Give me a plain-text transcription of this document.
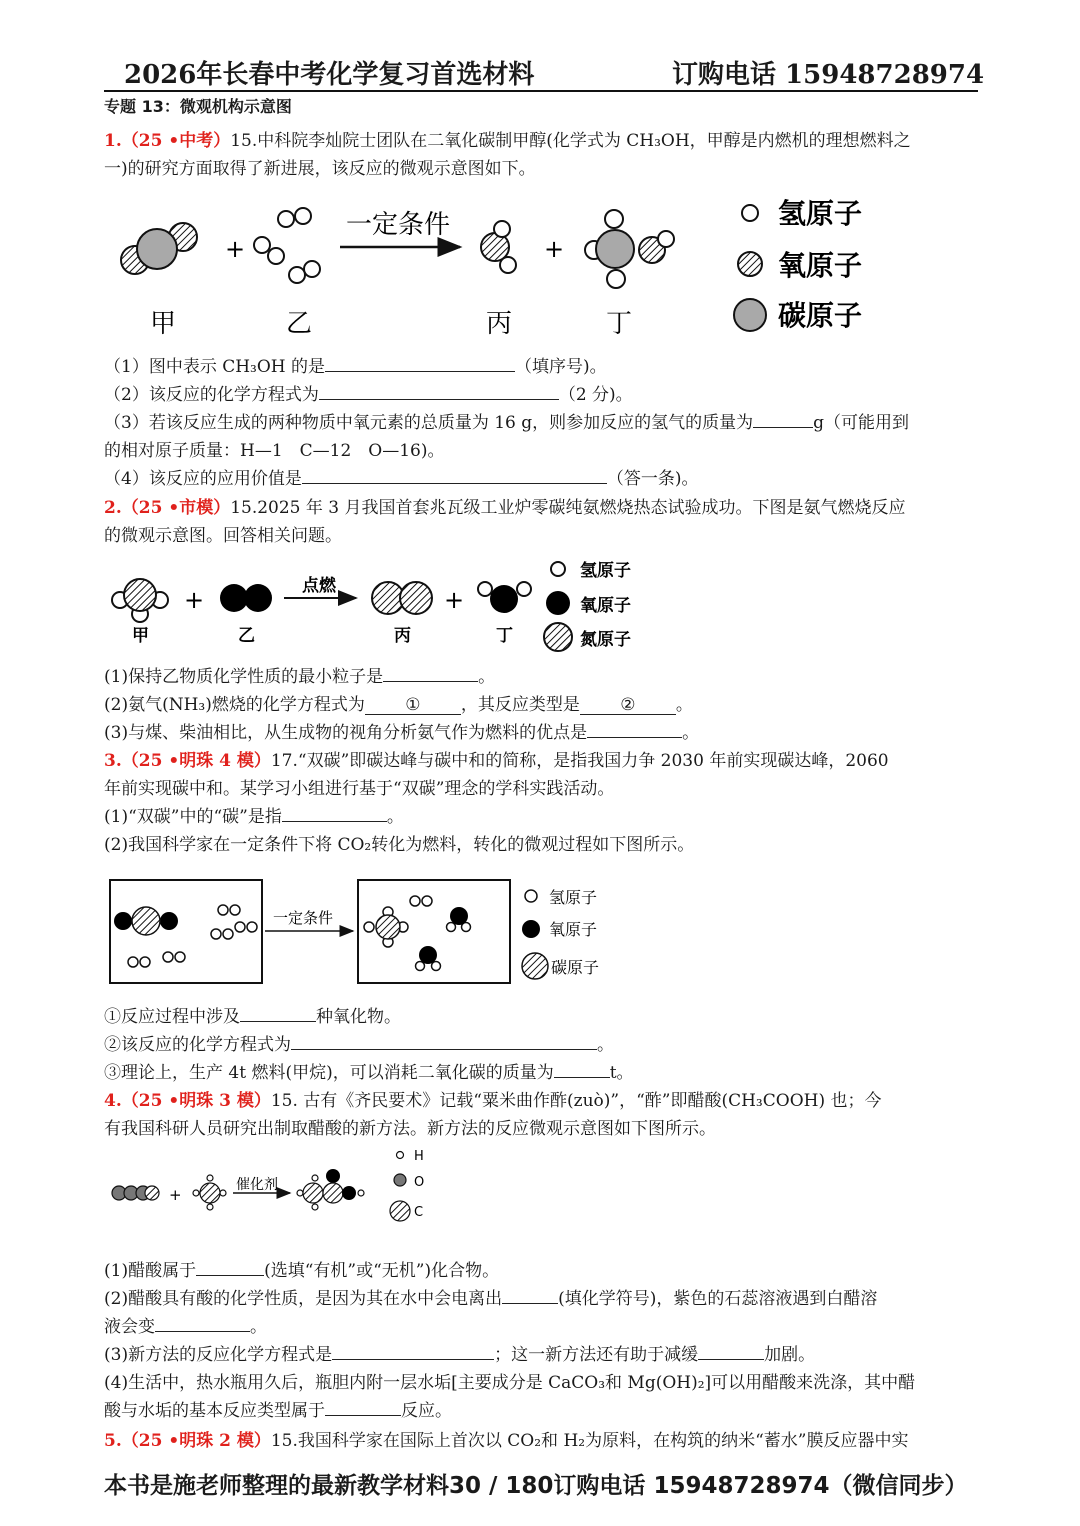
2026年长春中考化学复习首选材料	订购电话 15948728974
专题 13：微观机构示意图
1.（25 •中考）15.中科院李灿院士团队在二氧化碳制甲醇(化学式为 CH₃OH，甲醇是内燃机的理想燃料之
一)的研究方面取得了新进展，该反应的微观示意图如下。
+
一定条件
+
甲	乙	丙	丁
氢原子
氧原子
碳原子
（1）图中表示 CH₃OH 的是	（填序号)。
（2）该反应的化学方程式为	（2 分)。
（3）若该反应生成的两种物质中氧元素的总质量为 16 g，则参加反应的氢气的质量为	g（可能用到
的相对原子质量：H—1　C—12　O—16)。
（4）该反应的应用价值是	（答一条)。
2.（25 •市模）15.2025 年 3 月我国首套兆瓦级工业炉零碳纯氨燃烧热态试验成功。下图是氨气燃烧反应
的微观示意图。回答相关问题。
+	点燃	+
甲	乙	丙	丁
氢原子
氧原子
氮原子
(1)保持乙物质化学性质的最小粒子是	。
(2)氨气(NH₃)燃烧的化学方程式为 ① ，其反应类型是 ② 。
(3)与煤、柴油相比，从生成物的视角分析氨气作为燃料的优点是	。
3.（25 •明珠 4 模）17.“双碳”即碳达峰与碳中和的简称，是指我国力争 2030 年前实现碳达峰，2060
年前实现碳中和。某学习小组进行基于“双碳”理念的学科实践活动。
(1)“双碳”中的“碳”是指	。
(2)我国科学家在一定条件下将 CO₂转化为燃料，转化的微观过程如下图所示。
一定条件
氢原子
氧原子
碳原子
①反应过程中涉及	种氧化物。
②该反应的化学方程式为	。
③理论上，生产 4t 燃料(甲烷)，可以消耗二氧化碳的质量为	t。
4.（25 •明珠 3 模）15. 古有《齐民要术》记载“粟米曲作酢(zuò)”，“酢”即醋酸(CH₃COOH) 也；今
有我国科研人员研究出制取醋酸的新方法。新方法的反应微观示意图如下图所示。
+
催化剂
H
O
C
(1)醋酸属于	(选填“有机”或“无机”)化合物。
(2)醋酸具有酸的化学性质，是因为其在水中会电离出	(填化学符号)，紫色的石蕊溶液遇到白醋溶
液会变	。
(3)新方法的反应化学方程式是	；这一新方法还有助于减缓	加剧。
(4)生活中，热水瓶用久后，瓶胆内附一层水垢[主要成分是 CaCO₃和 Mg(OH)₂]可以用醋酸来洗涤，其中醋
酸与水垢的基本反应类型属于	反应。
5.（25 •明珠 2 模）15.我国科学家在国际上首次以 CO₂和 H₂为原料，在构筑的纳米“蓄水”膜反应器中实
本书是施老师整理的最新教学材料30 / 180订购电话 15948728974（微信同步）
